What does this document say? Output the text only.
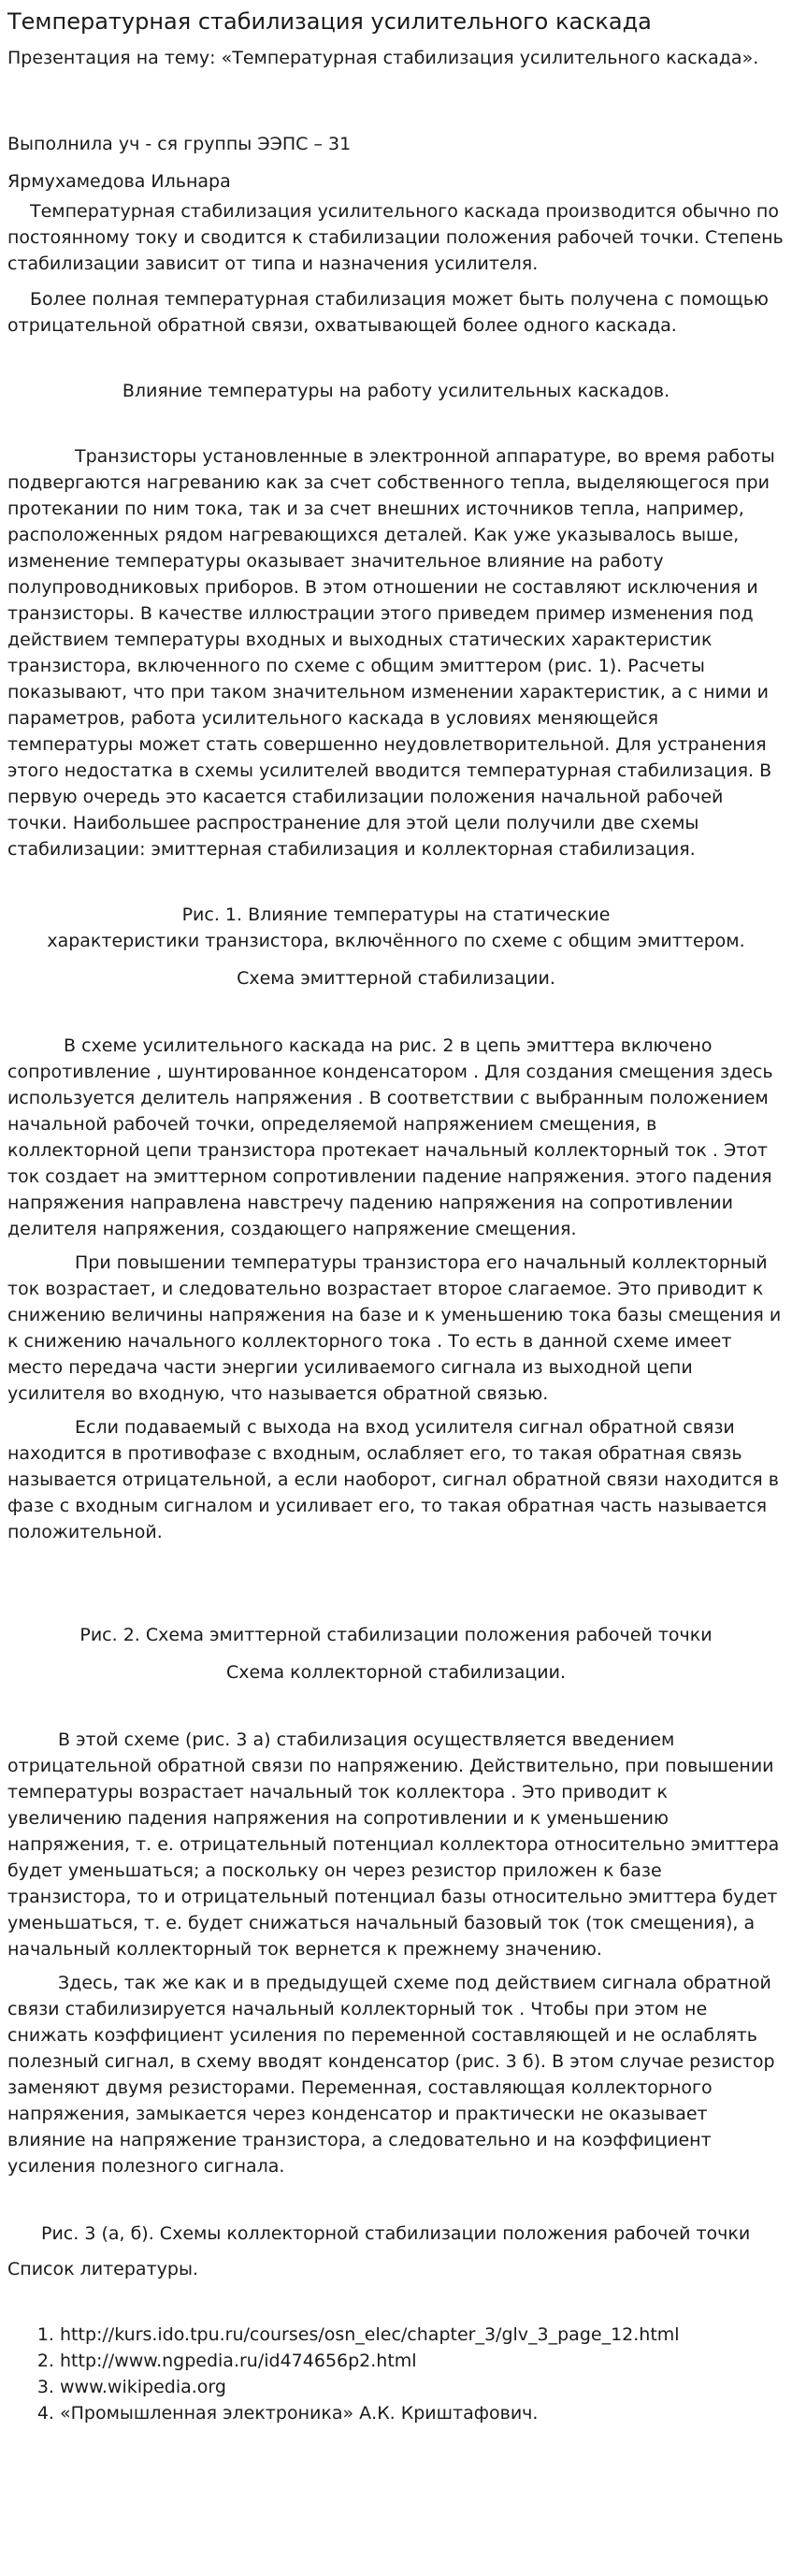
Температурная стабилизация усилительного каскада

Презентация на тему: «Температурная стабилизация усилительного каскада».

Выполнила уч - ся группы ЭЭПС – 31

Ярмухамедова Ильнара

Температурная стабилизация усилительного каскада производится обычно по постоянному току и сводится к стабилизации положения рабочей точки. Степень стабилизации зависит от типа и назначения усилителя.

Более полная температурная стабилизация может быть получена с помощью отрицательной обратной связи, охватывающей более одного каскада.

Влияние температуры на работу усилительных каскадов.

Транзисторы установленные в электронной аппаратуре, во время работы подвергаются нагреванию как за счет собственного тепла, выделяющегося при протекании по ним тока, так и за счет внешних источников тепла, например, расположенных рядом нагревающихся деталей. Как уже указывалось выше, изменение температуры оказывает значительное влияние на работу полупроводниковых приборов. В этом отношении не составляют исключения и транзисторы. В качестве иллюстрации этого приведем пример изменения под действием температуры входных и выходных статических характеристик транзистора, включенного по схеме с общим эмиттером (рис. 1). Расчеты показывают, что при таком значительном изменении характеристик, а с ними и параметров, работа усилительного каскада в условиях меняющейся температуры может стать совершенно неудовлетворительной. Для устранения этого недостатка в схемы усилителей вводится температурная стабилизация. В первую очередь это касается стабилизации положения начальной рабочей точки. Наибольшее распространение для этой цели получили две схемы стабилизации: эмиттерная стабилизация и коллекторная стабилизация.

Рис. 1. Влияние температуры на статические

характеристики транзистора, включённого по схеме с общим эмиттером.

Схема эмиттерной стабилизации.

В схеме усилительного каскада на рис. 2 в цепь эмиттера включено сопротивление , шунтированное конденсатором . Для создания смещения здесь используется делитель напряжения . В соответствии с выбранным положением начальной рабочей точки, определяемой напряжением смещения, в коллекторной цепи транзистора протекает начальный коллекторный ток . Этот ток создает на эмиттерном сопротивлении падение напряжения. этого падения напряжения направлена навстречу падению напряжения на сопротивлении делителя напряжения, создающего напряжение смещения.

При повышении температуры транзистора его начальный коллекторный ток возрастает, и следовательно возрастает второе слагаемое. Это приводит к снижению величины напряжения на базе и к уменьшению тока базы смещения и к снижению начального коллекторного тока . То есть в данной схеме имеет место передача части энергии усиливаемого сигнала из выходной цепи усилителя во входную, что называется обратной связью.

Если подаваемый с выхода на вход усилителя сигнал обратной связи находится в противофазе с входным, ослабляет его, то такая обратная связь называется отрицательной, а если наоборот, сигнал обратной связи находится в фазе с входным сигналом и усиливает его, то такая обратная часть называется положительной.

Рис. 2. Схема эмиттерной стабилизации положения рабочей точки

Схема коллекторной стабилизации.

В этой схеме (рис. 3 а) стабилизация осуществляется введением отрицательной обратной связи по напряжению. Действительно, при повышении температуры возрастает начальный ток коллектора . Это приводит к увеличению падения напряжения на сопротивлении и к уменьшению напряжения, т. е. отрицательный потенциал коллектора относительно эмиттера будет уменьшаться; а поскольку он через резистор приложен к базе транзистора, то и отрицательный потенциал базы относительно эмиттера будет уменьшаться, т. е. будет снижаться начальный базовый ток (ток смещения), а начальный коллекторный ток вернется к прежнему значению.

Здесь, так же как и в предыдущей схеме под действием сигнала обратной связи стабилизируется начальный коллекторный ток . Чтобы при этом не снижать коэффициент усиления по переменной составляющей и не ослаблять полезный сигнал, в схему вводят конденсатор (рис. 3 б). В этом случае резистор заменяют двумя резисторами. Переменная, составляющая коллекторного напряжения, замыкается через конденсатор и практически не оказывает влияние на напряжение транзистора, а следовательно и на коэффициент усиления полезного сигнала.

Рис. 3 (а, б). Схемы коллекторной стабилизации положения рабочей точки

Список литературы.

1. http://kurs.ido.tpu.ru/courses/osn_elec/chapter_3/glv_3_page_12.html
2. http://www.ngpedia.ru/id474656p2.html
3. www.wikipedia.org
4. «Промышленная электроника» А.К. Криштафович.
